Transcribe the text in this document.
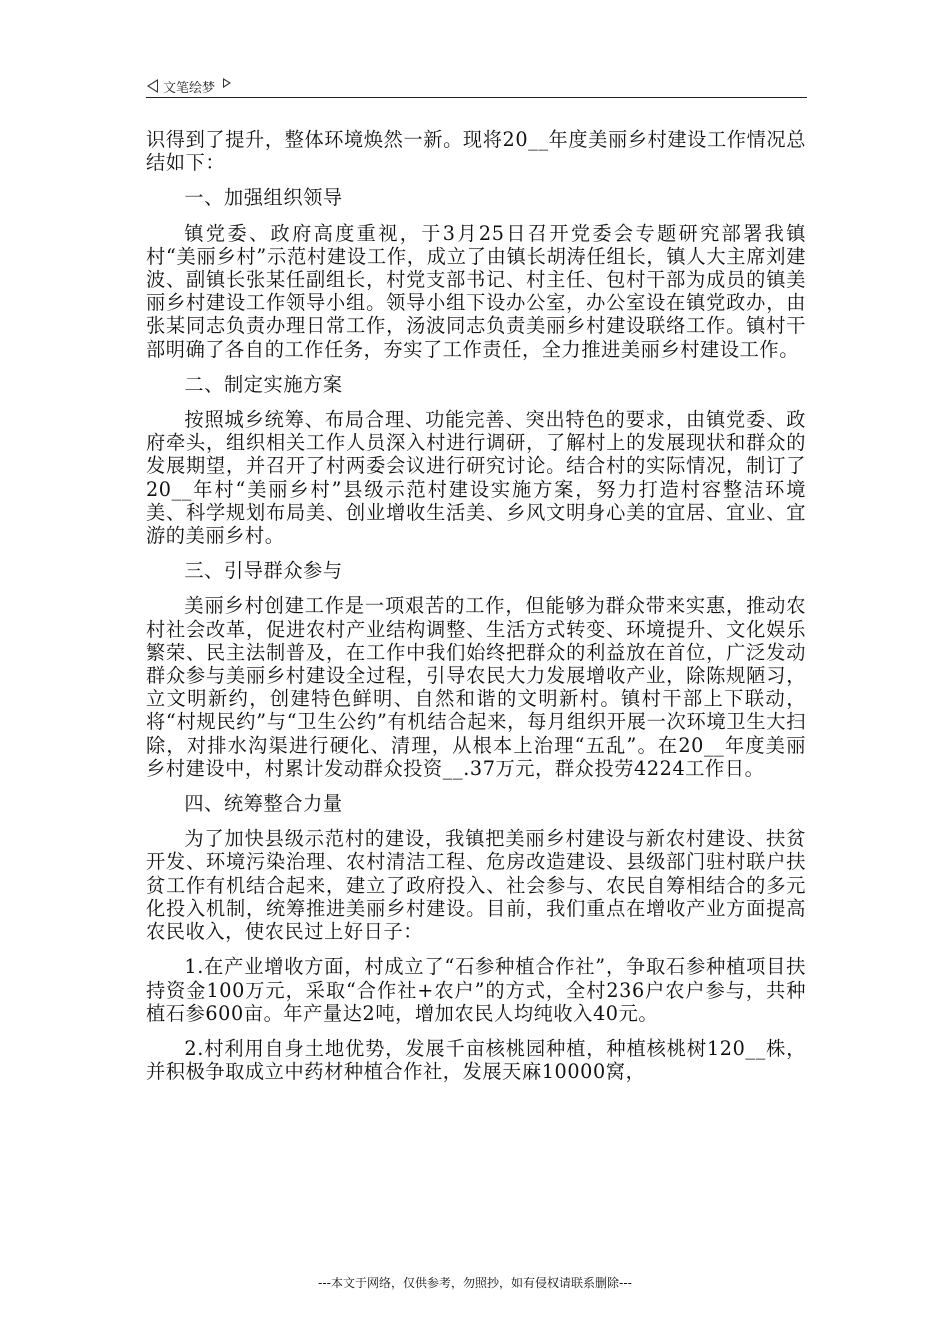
文笔绘梦

识得到了提升，整体环境焕然一新。现将20__年度美丽乡村建设工作情况总结如下：

一、加强组织领导

镇党委、政府高度重视，于3月25日召开党委会专题研究部署我镇村“美丽乡村”示范村建设工作，成立了由镇长胡涛任组长，镇人大主席刘建波、副镇长张某任副组长，村党支部书记、村主任、包村干部为成员的镇美丽乡村建设工作领导小组。领导小组下设办公室，办公室设在镇党政办，由张某同志负责办理日常工作，汤波同志负责美丽乡村建设联络工作。镇村干部明确了各自的工作任务，夯实了工作责任，全力推进美丽乡村建设工作。

二、制定实施方案

按照城乡统筹、布局合理、功能完善、突出特色的要求，由镇党委、政府牵头，组织相关工作人员深入村进行调研，了解村上的发展现状和群众的发展期望，并召开了村两委会议进行研究讨论。结合村的实际情况，制订了20__年村“美丽乡村”县级示范村建设实施方案，努力打造村容整洁环境美、科学规划布局美、创业增收生活美、乡风文明身心美的宜居、宜业、宜游的美丽乡村。

三、引导群众参与

美丽乡村创建工作是一项艰苦的工作，但能够为群众带来实惠，推动农村社会改革，促进农村产业结构调整、生活方式转变、环境提升、文化娱乐繁荣、民主法制普及，在工作中我们始终把群众的利益放在首位，广泛发动群众参与美丽乡村建设全过程，引导农民大力发展增收产业，除陈规陋习，立文明新约，创建特色鲜明、自然和谐的文明新村。镇村干部上下联动，将“村规民约”与“卫生公约”有机结合起来，每月组织开展一次环境卫生大扫除，对排水沟渠进行硬化、清理，从根本上治理“五乱”。在20__年度美丽乡村建设中，村累计发动群众投资__.37万元，群众投劳4224工作日。

四、统筹整合力量

为了加快县级示范村的建设，我镇把美丽乡村建设与新农村建设、扶贫开发、环境污染治理、农村清洁工程、危房改造建设、县级部门驻村联户扶贫工作有机结合起来，建立了政府投入、社会参与、农民自筹相结合的多元化投入机制，统筹推进美丽乡村建设。目前，我们重点在增收产业方面提高农民收入，使农民过上好日子：

1.在产业增收方面，村成立了“石参种植合作社”，争取石参种植项目扶持资金100万元，采取“合作社+农户”的方式，全村236户农户参与，共种植石参600亩。年产量达2吨，增加农民人均纯收入40元。

2.村利用自身土地优势，发展千亩核桃园种植，种植核桃树120__株，并积极争取成立中药材种植合作社，发展天麻10000窝，

---本文于网络，仅供参考，勿照抄，如有侵权请联系删除---
